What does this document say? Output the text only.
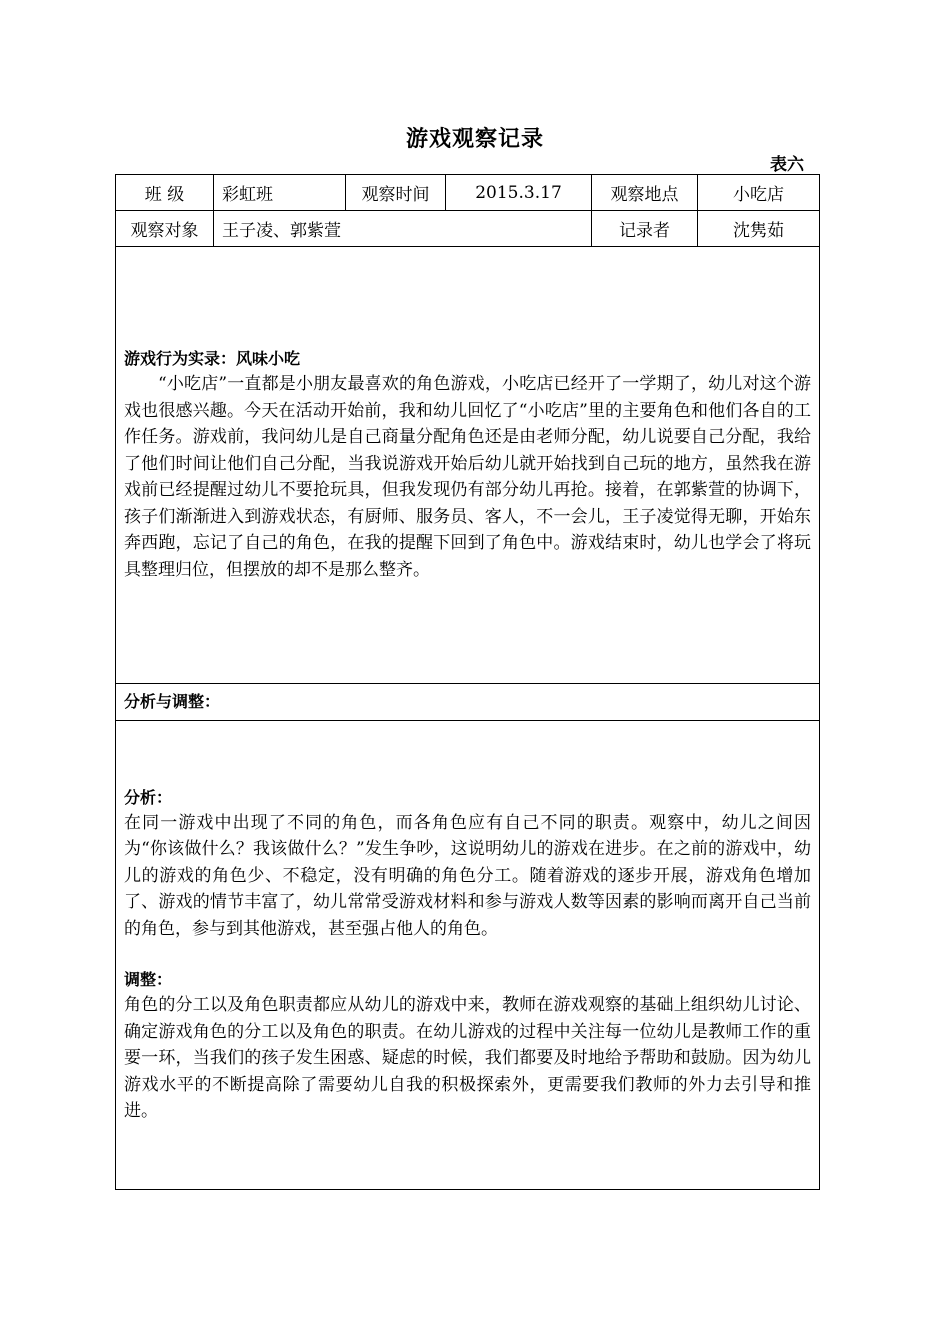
游戏观察记录
表六
班 级	彩虹班	观察时间	2015.3.17	观察地点	小吃店
观察对象	王子凌、郭紫萱			记录者	沈隽茹

游戏行为实录：风味小吃

“小吃店”一直都是小朋友最喜欢的角色游戏，小吃店已经开了一学期了，幼儿对这个游戏也很感兴趣。今天在活动开始前，我和幼儿回忆了“小吃店”里的主要角色和他们各自的工作任务。游戏前，我问幼儿是自己商量分配角色还是由老师分配，幼儿说要自己分配，我给了他们时间让他们自己分配，当我说游戏开始后幼儿就开始找到自己玩的地方，虽然我在游戏前已经提醒过幼儿不要抢玩具，但我发现仍有部分幼儿再抢。接着，在郭紫萱的协调下，孩子们渐渐进入到游戏状态，有厨师、服务员、客人，不一会儿，王子凌觉得无聊，开始东奔西跑，忘记了自己的角色，在我的提醒下回到了角色中。游戏结束时，幼儿也学会了将玩具整理归位，但摆放的却不是那么整齐。					

分析与调整：					

分析：

在同一游戏中出现了不同的角色，而各角色应有自己不同的职责。观察中，幼儿之间因为“你该做什么？我该做什么？”发生争吵，这说明幼儿的游戏在进步。在之前的游戏中，幼儿的游戏的角色少、不稳定，没有明确的角色分工。随着游戏的逐步开展，游戏角色增加了、游戏的情节丰富了，幼儿常常受游戏材料和参与游戏人数等因素的影响而离开自己当前的角色，参与到其他游戏，甚至强占他人的角色。

调整：

角色的分工以及角色职责都应从幼儿的游戏中来，教师在游戏观察的基础上组织幼儿讨论、确定游戏角色的分工以及角色的职责。在幼儿游戏的过程中关注每一位幼儿是教师工作的重要一环，当我们的孩子发生困惑、疑虑的时候，我们都要及时地给予帮助和鼓励。因为幼儿游戏水平的不断提高除了需要幼儿自我的积极探索外，更需要我们教师的外力去引导和推进。					
